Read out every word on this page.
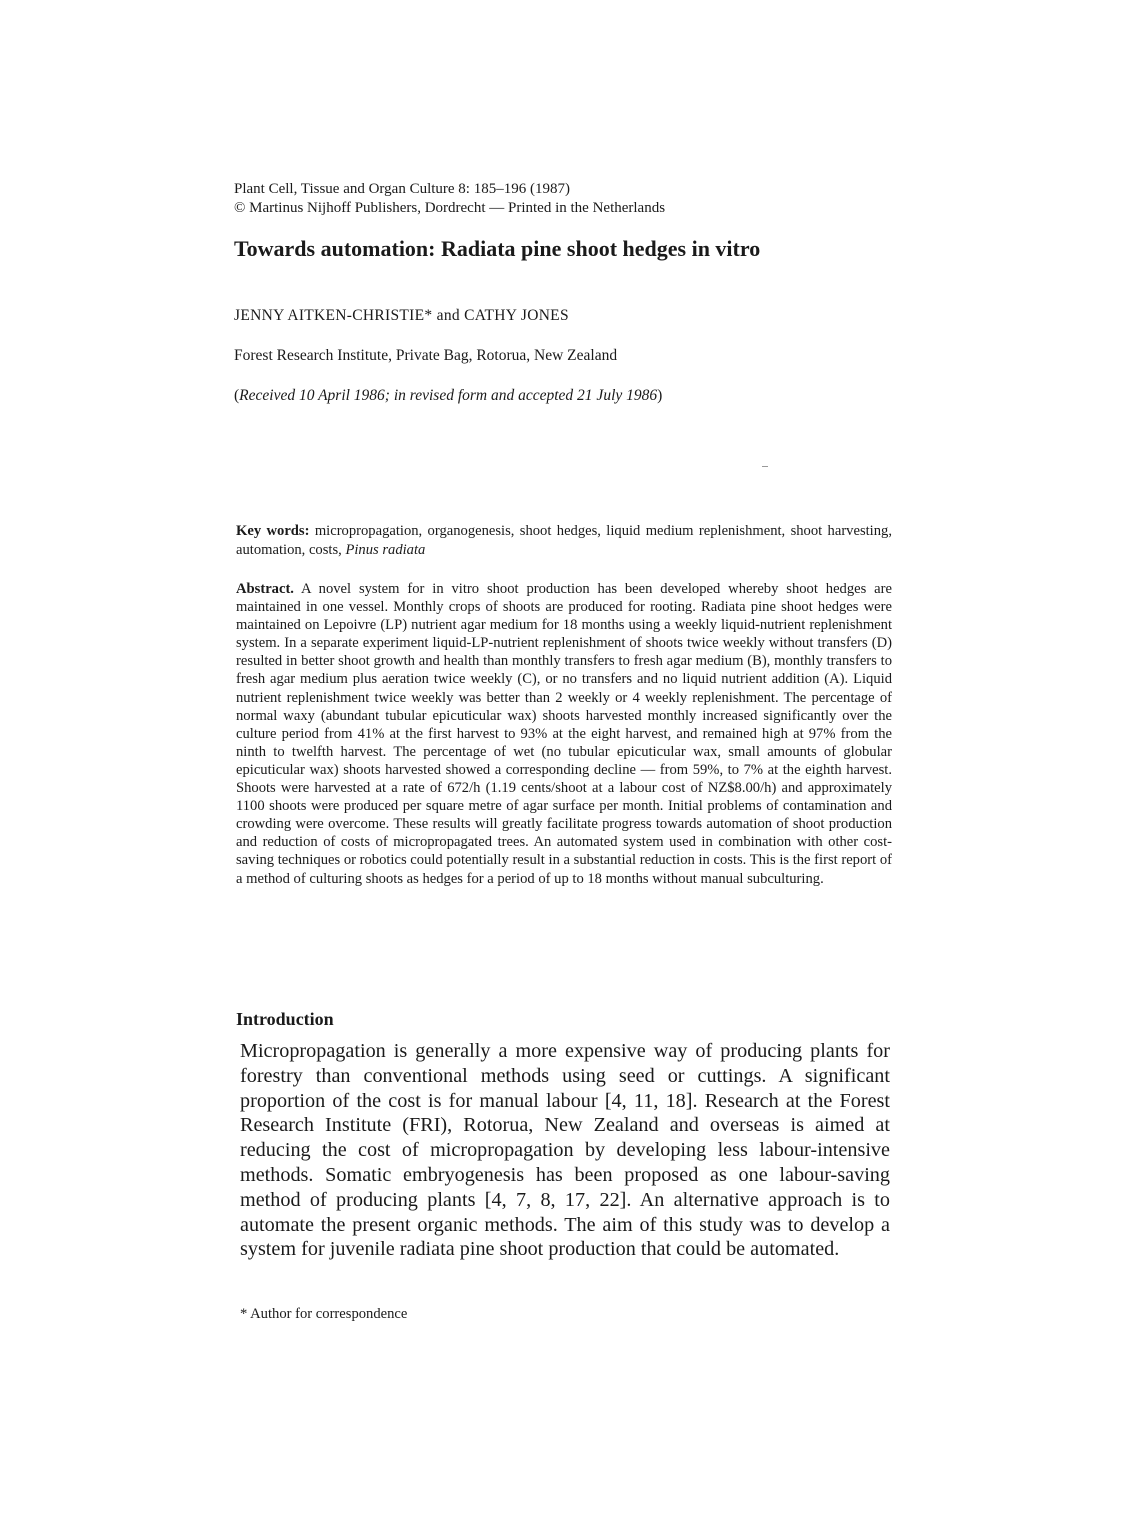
Plant Cell, Tissue and Organ Culture 8: 185–196 (1987)
© Martinus Nijhoff Publishers, Dordrecht — Printed in the Netherlands
Towards automation: Radiata pine shoot hedges in vitro
JENNY AITKEN-CHRISTIE* and CATHY JONES
Forest Research Institute, Private Bag, Rotorua, New Zealand
(Received 10 April 1986; in revised form and accepted 21 July 1986)
Key words: micropropagation, organogenesis, shoot hedges, liquid medium replenishment, shoot harvesting, automation, costs, Pinus radiata
Abstract. A novel system for in vitro shoot production has been developed whereby shoot hedges are maintained in one vessel. Monthly crops of shoots are produced for rooting. Radiata pine shoot hedges were maintained on Lepoivre (LP) nutrient agar medium for 18 months using a weekly liquid-nutrient replenishment system. In a separate experiment liquid-LP-nutrient replenishment of shoots twice weekly without transfers (D) resulted in better shoot growth and health than monthly transfers to fresh agar medium (B), monthly transfers to fresh agar medium plus aeration twice weekly (C), or no transfers and no liquid nutrient addition (A). Liquid nutrient replenishment twice weekly was better than 2 weekly or 4 weekly replenishment. The percentage of normal waxy (abundant tubular epicuticular wax) shoots harvested monthly increased significantly over the culture period from 41% at the first harvest to 93% at the eight harvest, and remained high at 97% from the ninth to twelfth harvest. The percentage of wet (no tubular epicuticular wax, small amounts of globular epicuticular wax) shoots harvested showed a corresponding decline — from 59%, to 7% at the eighth harvest. Shoots were harvested at a rate of 672/h (1.19 cents/shoot at a labour cost of NZ$8.00/h) and approximately 1100 shoots were produced per square metre of agar surface per month. Initial problems of contamination and crowding were overcome. These results will greatly facilitate progress towards automation of shoot production and reduction of costs of micropropagated trees. An automated system used in combination with other cost-saving techniques or robotics could potentially result in a substantial reduction in costs. This is the first report of a method of culturing shoots as hedges for a period of up to 18 months without manual subculturing.
Introduction
Micropropagation is generally a more expensive way of producing plants for forestry than conventional methods using seed or cuttings. A significant proportion of the cost is for manual labour [4, 11, 18]. Research at the Forest Research Institute (FRI), Rotorua, New Zealand and overseas is aimed at reducing the cost of micropropagation by developing less labour-intensive methods. Somatic embryogenesis has been proposed as one labour-saving method of producing plants [4, 7, 8, 17, 22]. An alternative approach is to automate the present organic methods. The aim of this study was to develop a system for juvenile radiata pine shoot production that could be automated.
* Author for correspondence
